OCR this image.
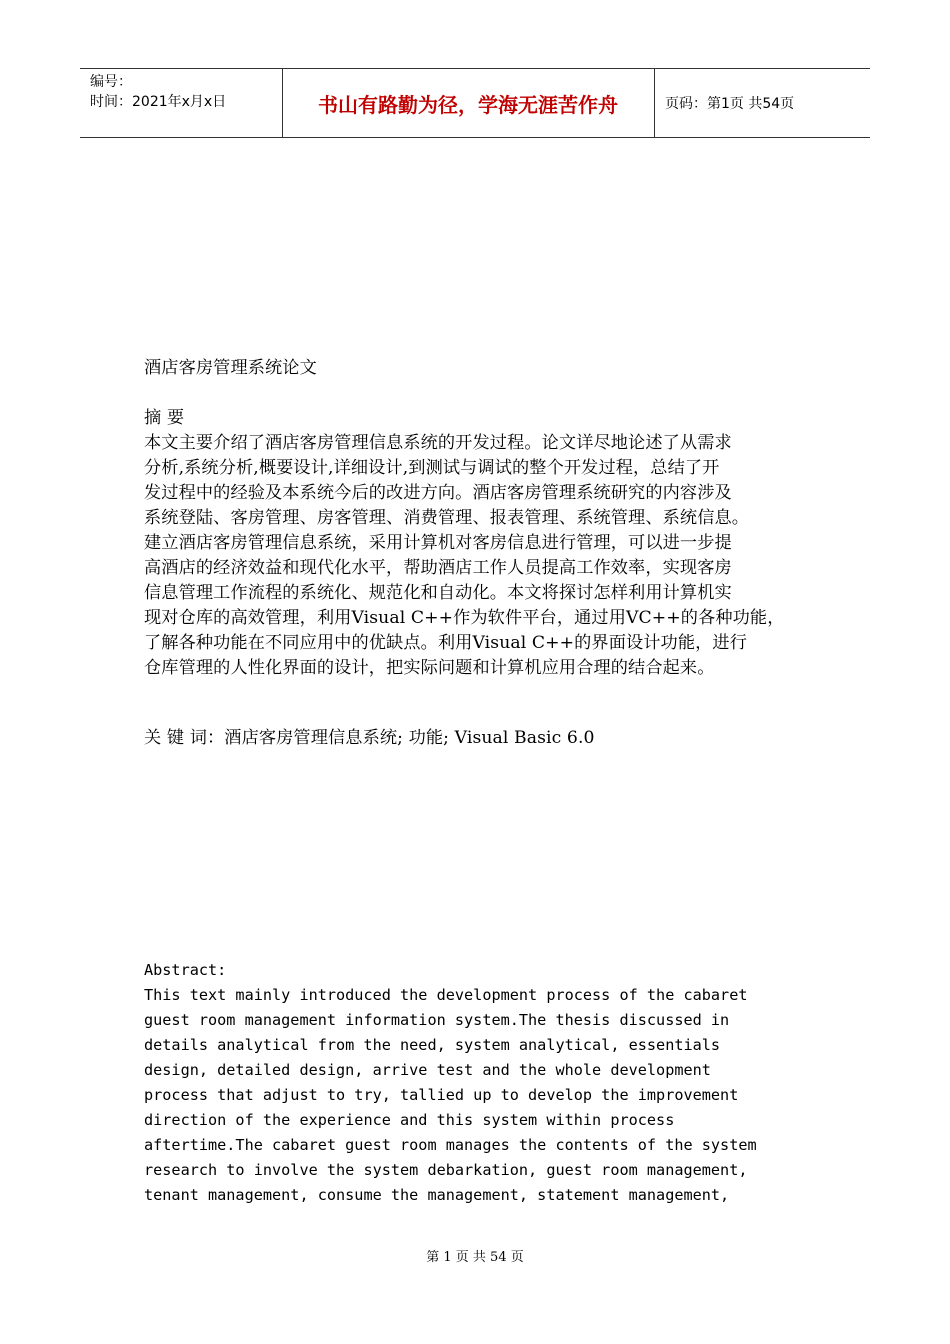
编号：
时间：2021年x月x日	书山有路勤为径，学海无涯苦作舟	页码：第1页 共54页
酒店客房管理系统论文
摘 要
本文主要介绍了酒店客房管理信息系统的开发过程。论文详尽地论述了从需求
分析,系统分析,概要设计,详细设计,到测试与调试的整个开发过程，总结了开
发过程中的经验及本系统今后的改进方向。酒店客房管理系统研究的内容涉及
系统登陆、客房管理、房客管理、消费管理、报表管理、系统管理、系统信息。
建立酒店客房管理信息系统，采用计算机对客房信息进行管理，可以进一步提
高酒店的经济效益和现代化水平，帮助酒店工作人员提高工作效率，实现客房
信息管理工作流程的系统化、规范化和自动化。本文将探讨怎样利用计算机实
现对仓库的高效管理，利用Visual C++作为软件平台，通过用VC++的各种功能，
了解各种功能在不同应用中的优缺点。利用Visual C++的界面设计功能，进行
仓库管理的人性化界面的设计，把实际问题和计算机应用合理的结合起来。
关 键 词：酒店客房管理信息系统; 功能; Visual Basic 6.0
Abstract:
This text mainly introduced the development process of the cabaret
guest room management information system.The thesis discussed in
details analytical from the need, system analytical, essentials
design, detailed design, arrive test and the whole development
process that adjust to try, tallied up to develop the improvement
direction of the experience and this system within process
aftertime.The cabaret guest room manages the contents of the system
research to involve the system debarkation, guest room management,
tenant management, consume the management, statement management,
第 1 页 共 54 页
